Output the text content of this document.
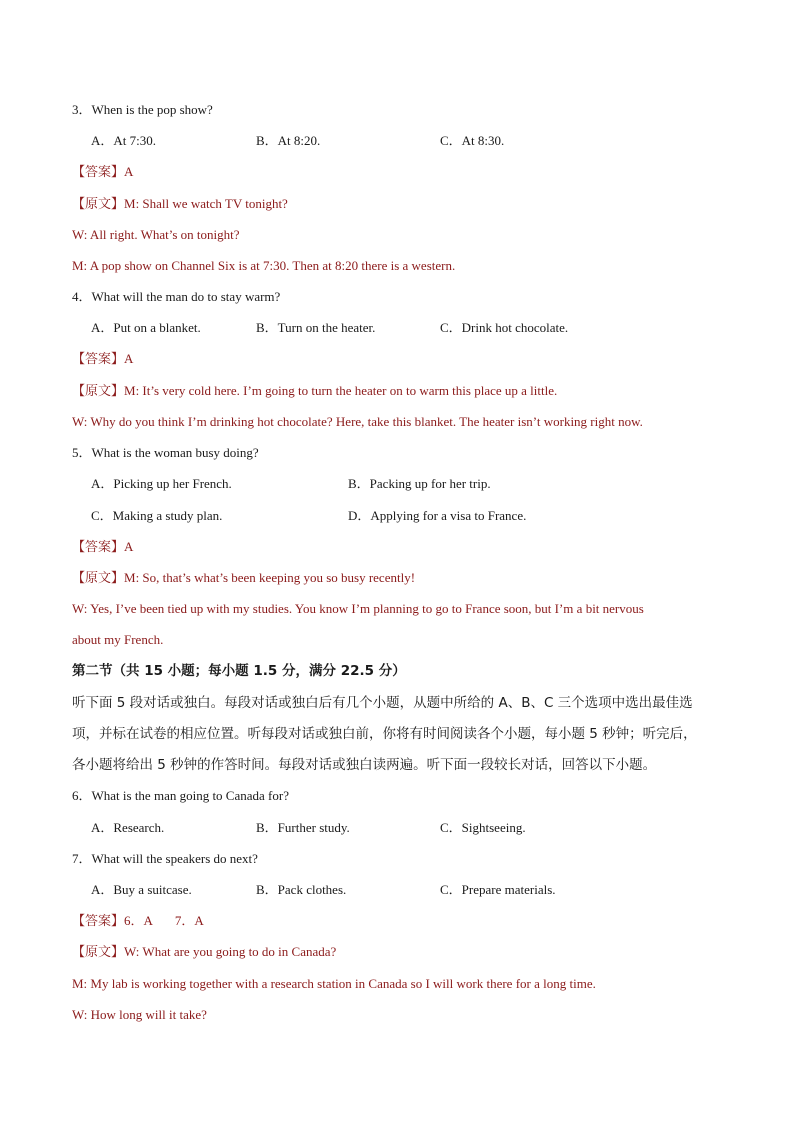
3．When is the pop show?
A．At 7:30.	B．At 8:20.	C．At 8:30.
【答案】A
【原文】M: Shall we watch TV tonight?
W: All right. What’s on tonight?
M: A pop show on Channel Six is at 7:30. Then at 8:20 there is a western.
4．What will the man do to stay warm?
A．Put on a blanket.	B．Turn on the heater.	C．Drink hot chocolate.
【答案】A
【原文】M: It’s very cold here. I’m going to turn the heater on to warm this place up a little.
W: Why do you think I’m drinking hot chocolate? Here, take this blanket. The heater isn’t working right now.
5．What is the woman busy doing?
A．Picking up her French.	B．Packing up for her trip.
C．Making a study plan.	D．Applying for a visa to France.
【答案】A
【原文】M: So, that’s what’s been keeping you so busy recently!
W: Yes, I’ve been tied up with my studies. You know I’m planning to go to France soon, but I’m a bit nervous
about my French.
第二节（共 15 小题；每小题 1.5 分，满分 22.5 分）
听下面 5 段对话或独白。每段对话或独白后有几个小题，从题中所给的 A、B、C 三个选项中选出最佳选
项，并标在试卷的相应位置。听每段对话或独白前，你将有时间阅读各个小题，每小题 5 秒钟；听完后，
各小题将给出 5 秒钟的作答时间。每段对话或独白读两遍。听下面一段较长对话，回答以下小题。
6．What is the man going to Canada for?
A．Research.	B．Further study.	C．Sightseeing.
7．What will the speakers do next?
A．Buy a suitcase.	B．Pack clothes.	C．Prepare materials.
【答案】6．A       7．A
【原文】W: What are you going to do in Canada?
M: My lab is working together with a research station in Canada so I will work there for a long time.
W: How long will it take?
